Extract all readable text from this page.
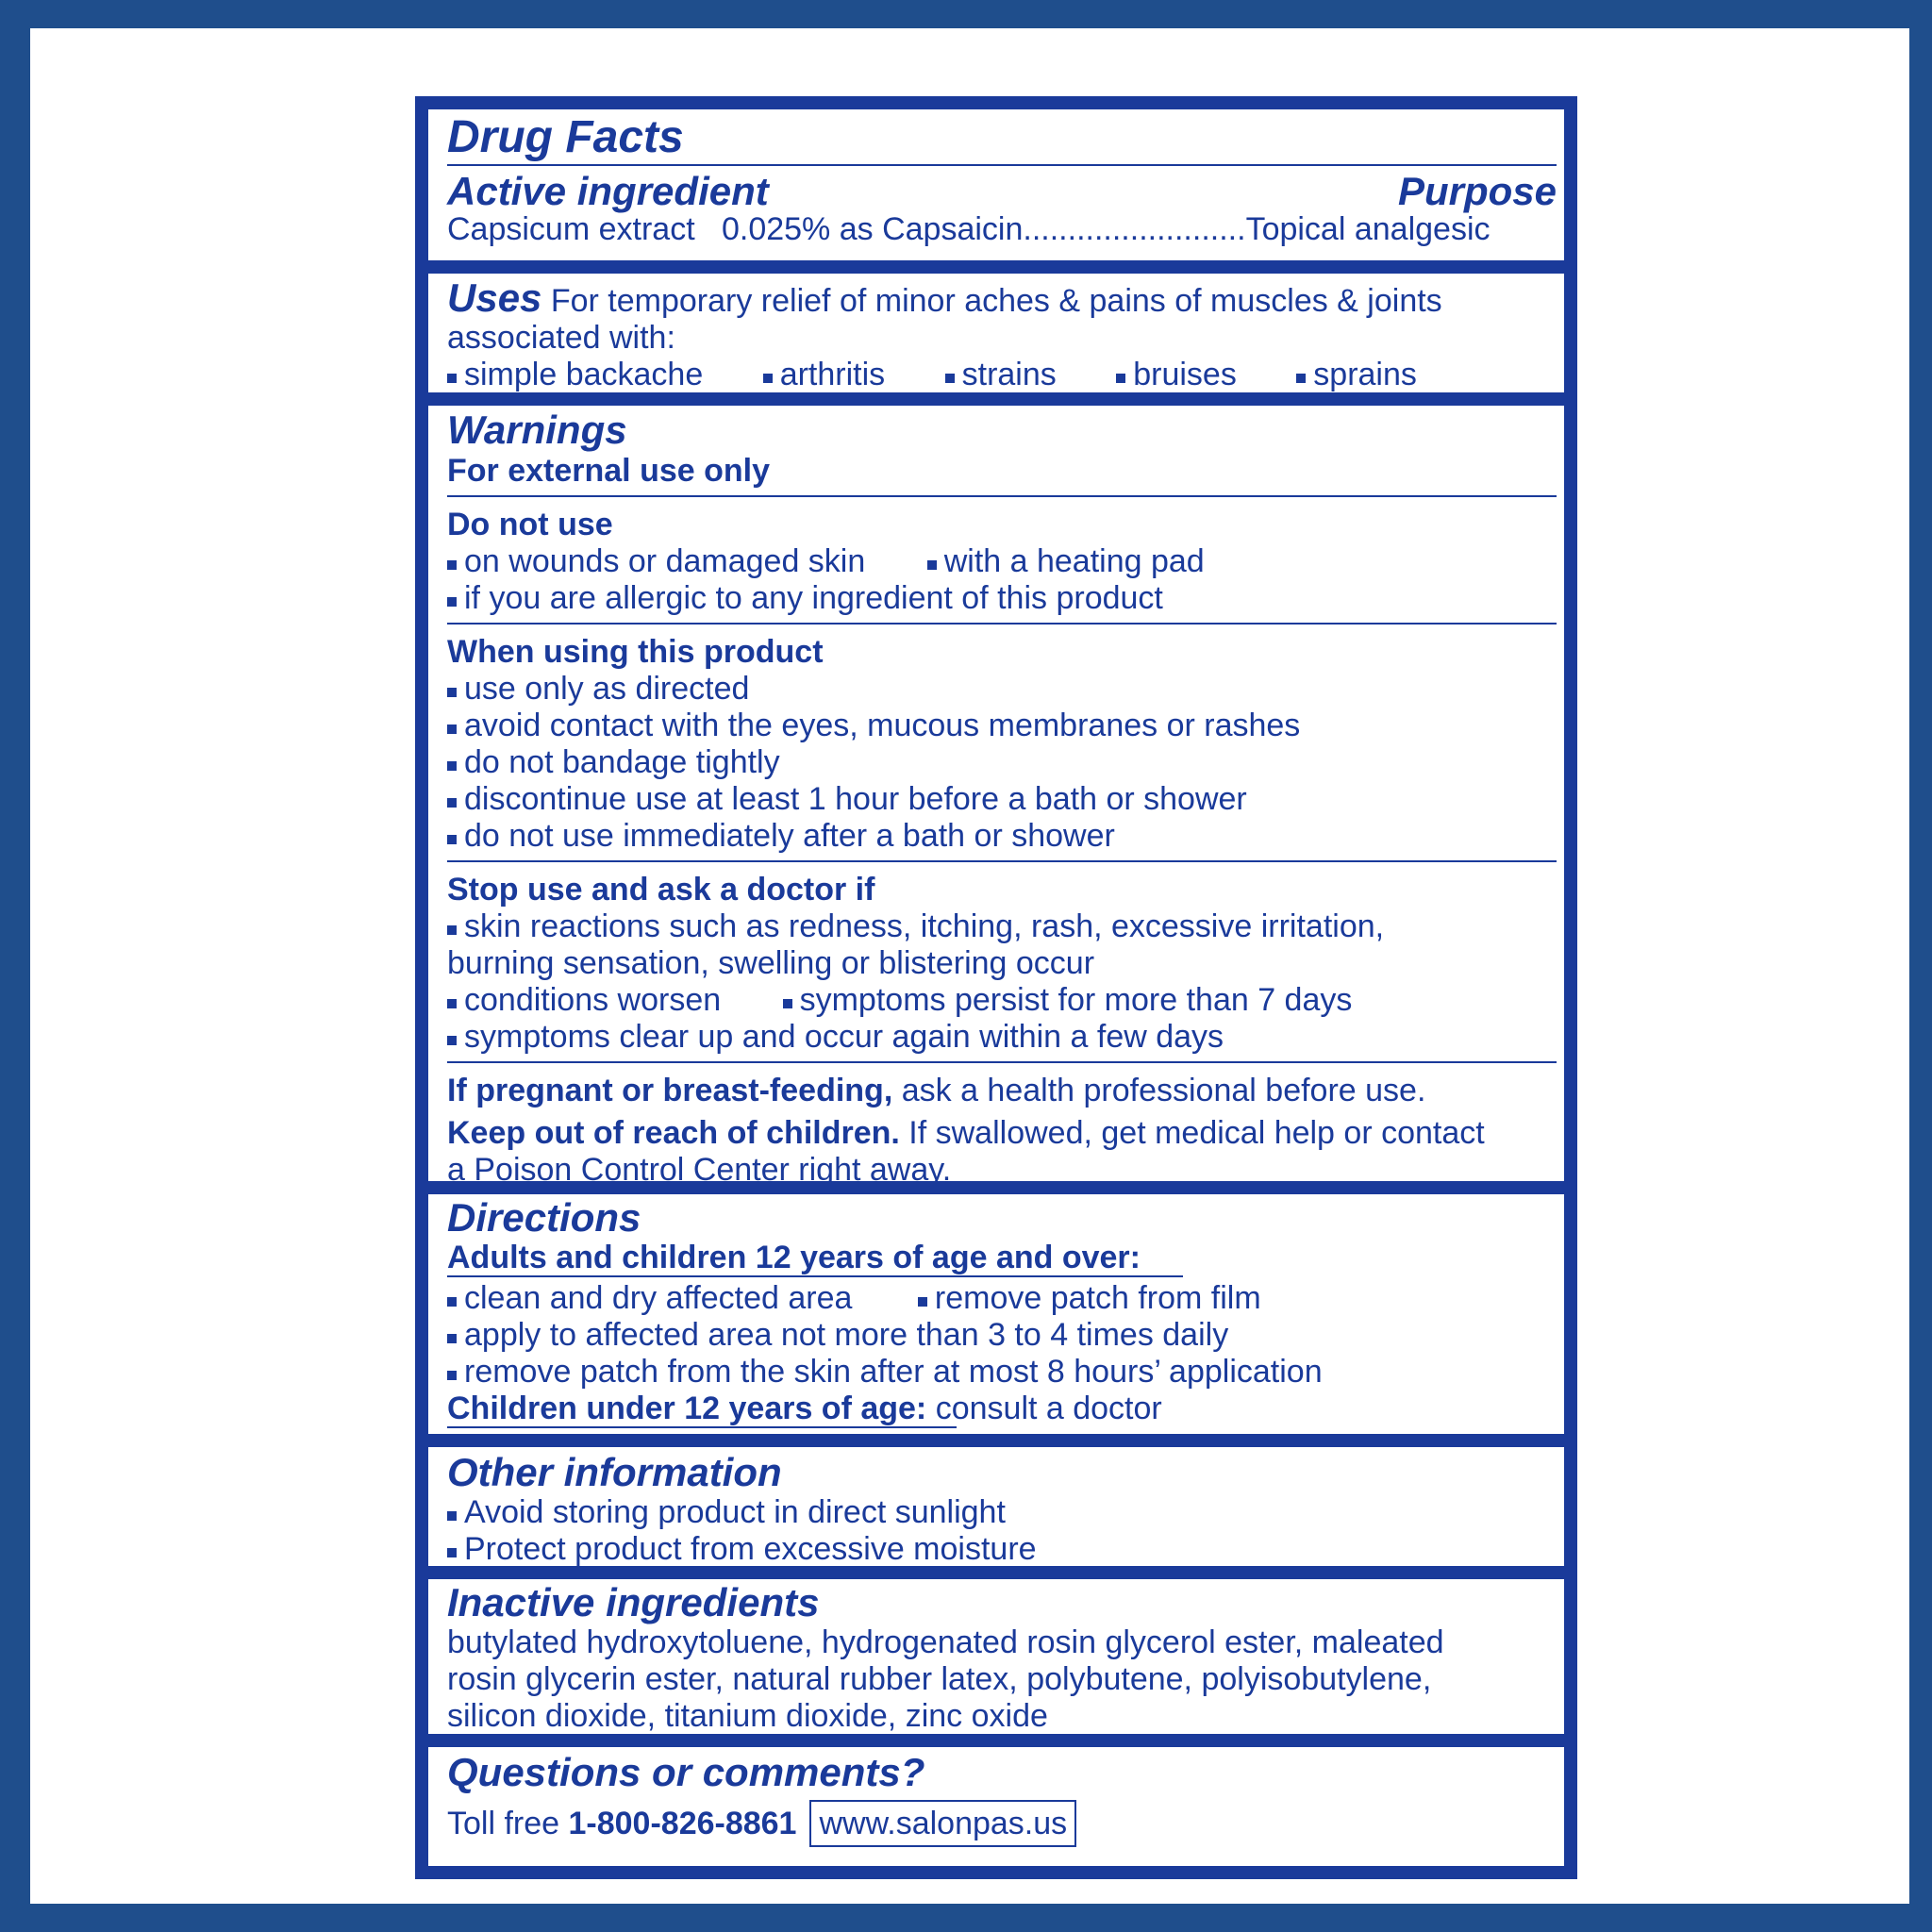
Drug Facts
Active ingredient	Purpose
Capsicum extract   0.025% as Capsaicin.........................Topical analgesic
Uses For temporary relief of minor aches & pains of muscles & joints
associated with:
simple backache arthritis strains bruises sprains
Warnings
For external use only
Do not use
on wounds or damaged skin with a heating pad
if you are allergic to any ingredient of this product
When using this product
use only as directed
avoid contact with the eyes, mucous membranes or rashes
do not bandage tightly
discontinue use at least 1 hour before a bath or shower
do not use immediately after a bath or shower
Stop use and ask a doctor if
skin reactions such as redness, itching, rash, excessive irritation,
burning sensation, swelling or blistering occur
conditions worsen symptoms persist for more than 7 days
symptoms clear up and occur again within a few days
If pregnant or breast-feeding, ask a health professional before use.
Keep out of reach of children. If swallowed, get medical help or contact
a Poison Control Center right away.
Directions
Adults and children 12 years of age and over:
clean and dry affected area	remove patch from film
apply to affected area not more than 3 to 4 times daily
remove patch from the skin after at most 8 hours’ application
Children under 12 years of age: consult a doctor
Other information
Avoid storing product in direct sunlight
Protect product from excessive moisture
Inactive ingredients
butylated hydroxytoluene, hydrogenated rosin glycerol ester, maleated
rosin glycerin ester, natural rubber latex, polybutene, polyisobutylene,
silicon dioxide, titanium dioxide, zinc oxide
Questions or comments?
Toll free 1-800-826-8861 www.salonpas.us
